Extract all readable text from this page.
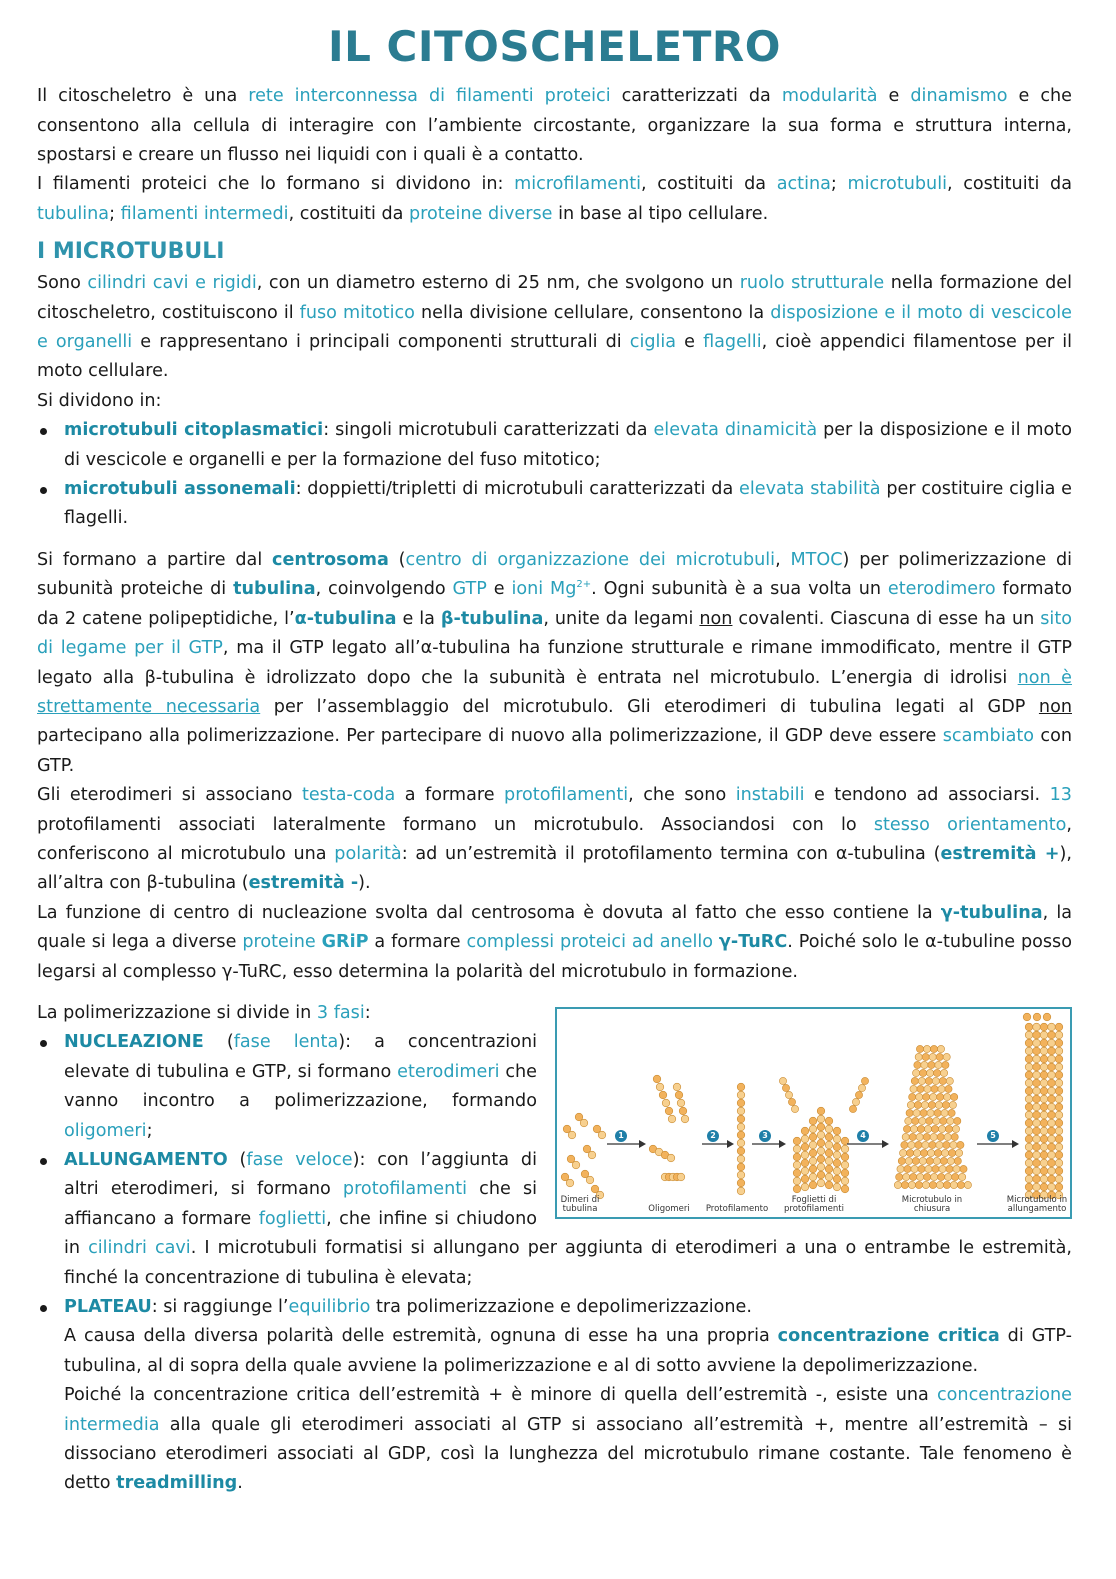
IL CITOSCHELETRO

Il citoscheletro è una rete interconnessa di filamenti proteici caratterizzati da modularità e dinamismo e che consentono alla cellula di interagire con l’ambiente circostante, organizzare la sua forma e struttura interna, spostarsi e creare un flusso nei liquidi con i quali è a contatto.

I filamenti proteici che lo formano si dividono in: microfilamenti, costituiti da actina; microtubuli, costituiti da tubulina; filamenti intermedi, costituiti da proteine diverse in base al tipo cellulare.

I MICROTUBULI

Sono cilindri cavi e rigidi, con un diametro esterno di 25 nm, che svolgono un ruolo strutturale nella formazione del citoscheletro, costituiscono il fuso mitotico nella divisione cellulare, consentono la disposizione e il moto di vescicole e organelli e rappresentano i principali componenti strutturali di ciglia e flagelli, cioè appendici filamentose per il moto cellulare.

Si dividono in:

microtubuli citoplasmatici: singoli microtubuli caratterizzati da elevata dinamicità per la disposizione e il moto di vescicole e organelli e per la formazione del fuso mitotico;
microtubuli assonemali: doppietti/tripletti di microtubuli caratterizzati da elevata stabilità per costituire ciglia e flagelli.

Si formano a partire dal centrosoma (centro di organizzazione dei microtubuli, MTOC) per polimerizzazione di subunità proteiche di tubulina, coinvolgendo GTP e ioni $Mg^{2+}$. Ogni subunità è a sua volta un eterodimero formato da 2 catene polipeptidiche, l’α-tubulina e la β-tubulina, unite da legami non covalenti. Ciascuna di esse ha un sito di legame per il GTP, ma il GTP legato all’α-tubulina ha funzione strutturale e rimane immodificato, mentre il GTP legato alla β-tubulina è idrolizzato dopo che la subunità è entrata nel microtubulo. L’energia di idrolisi non è strettamente necessaria per l’assemblaggio del microtubulo. Gli eterodimeri di tubulina legati al GDP non partecipano alla polimerizzazione. Per partecipare di nuovo alla polimerizzazione, il GDP deve essere scambiato con GTP.

Gli eterodimeri si associano testa-coda a formare protofilamenti, che sono instabili e tendono ad associarsi. 13 protofilamenti associati lateralmente formano un microtubulo. Associandosi con lo stesso orientamento, conferiscono al microtubulo una polarità: ad un’estremità il protofilamento termina con α-tubulina (estremità +), all’altra con β-tubulina (estremità -).

La funzione di centro di nucleazione svolta dal centrosoma è dovuta al fatto che esso contiene la γ-tubulina, la quale si lega a diverse proteine GRiP a formare complessi proteici ad anello γ-TuRC. Poiché solo le α-tubuline posso legarsi al complesso γ-TuRC, esso determina la polarità del microtubulo in formazione.

1	2	3	4	5
Dimeri di tubulina	Oligomeri	Protofilamento
Foglietti di protofilamenti
Microtubulo in chiusura
Microtubulo in allungamento

La polimerizzazione si divide in 3 fasi:

NUCLEAZIONE (fase lenta): a concentrazioni elevate di tubulina e GTP, si formano eterodimeri che vanno incontro a polimerizzazione, formando oligomeri;
ALLUNGAMENTO (fase veloce): con l’aggiunta di altri eterodimeri, si formano protofilamenti che si affiancano a formare foglietti, che infine si chiudono in cilindri cavi. I microtubuli formatisi si allungano per aggiunta di eterodimeri a una o entrambe le estremità, finché la concentrazione di tubulina è elevata;
PLATEAU: si raggiunge l’equilibrio tra polimerizzazione e depolimerizzazione.
A causa della diversa polarità delle estremità, ognuna di esse ha una propria concentrazione critica di GTP-tubulina, al di sopra della quale avviene la polimerizzazione e al di sotto avviene la depolimerizzazione.
Poiché la concentrazione critica dell’estremità + è minore di quella dell’estremità -, esiste una concentrazione intermedia alla quale gli eterodimeri associati al GTP si associano all’estremità +, mentre all’estremità – si dissociano eterodimeri associati al GDP, così la lunghezza del microtubulo rimane costante. Tale fenomeno è detto treadmilling.
